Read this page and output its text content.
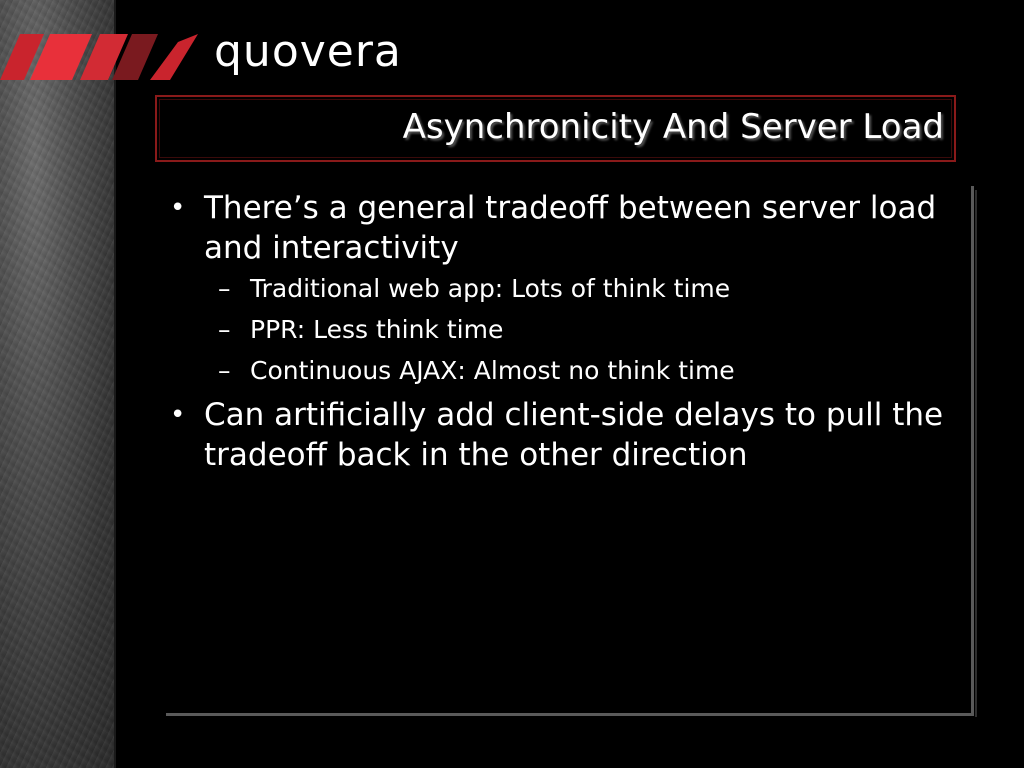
quovera
Asynchronicity And Server Load
• There’s a general tradeoff between server load and interactivity
– Traditional web app: Lots of think time
– PPR: Less think time
– Continuous AJAX: Almost no think time
• Can artificially add client-side delays to pull the tradeoff back in the other direction
